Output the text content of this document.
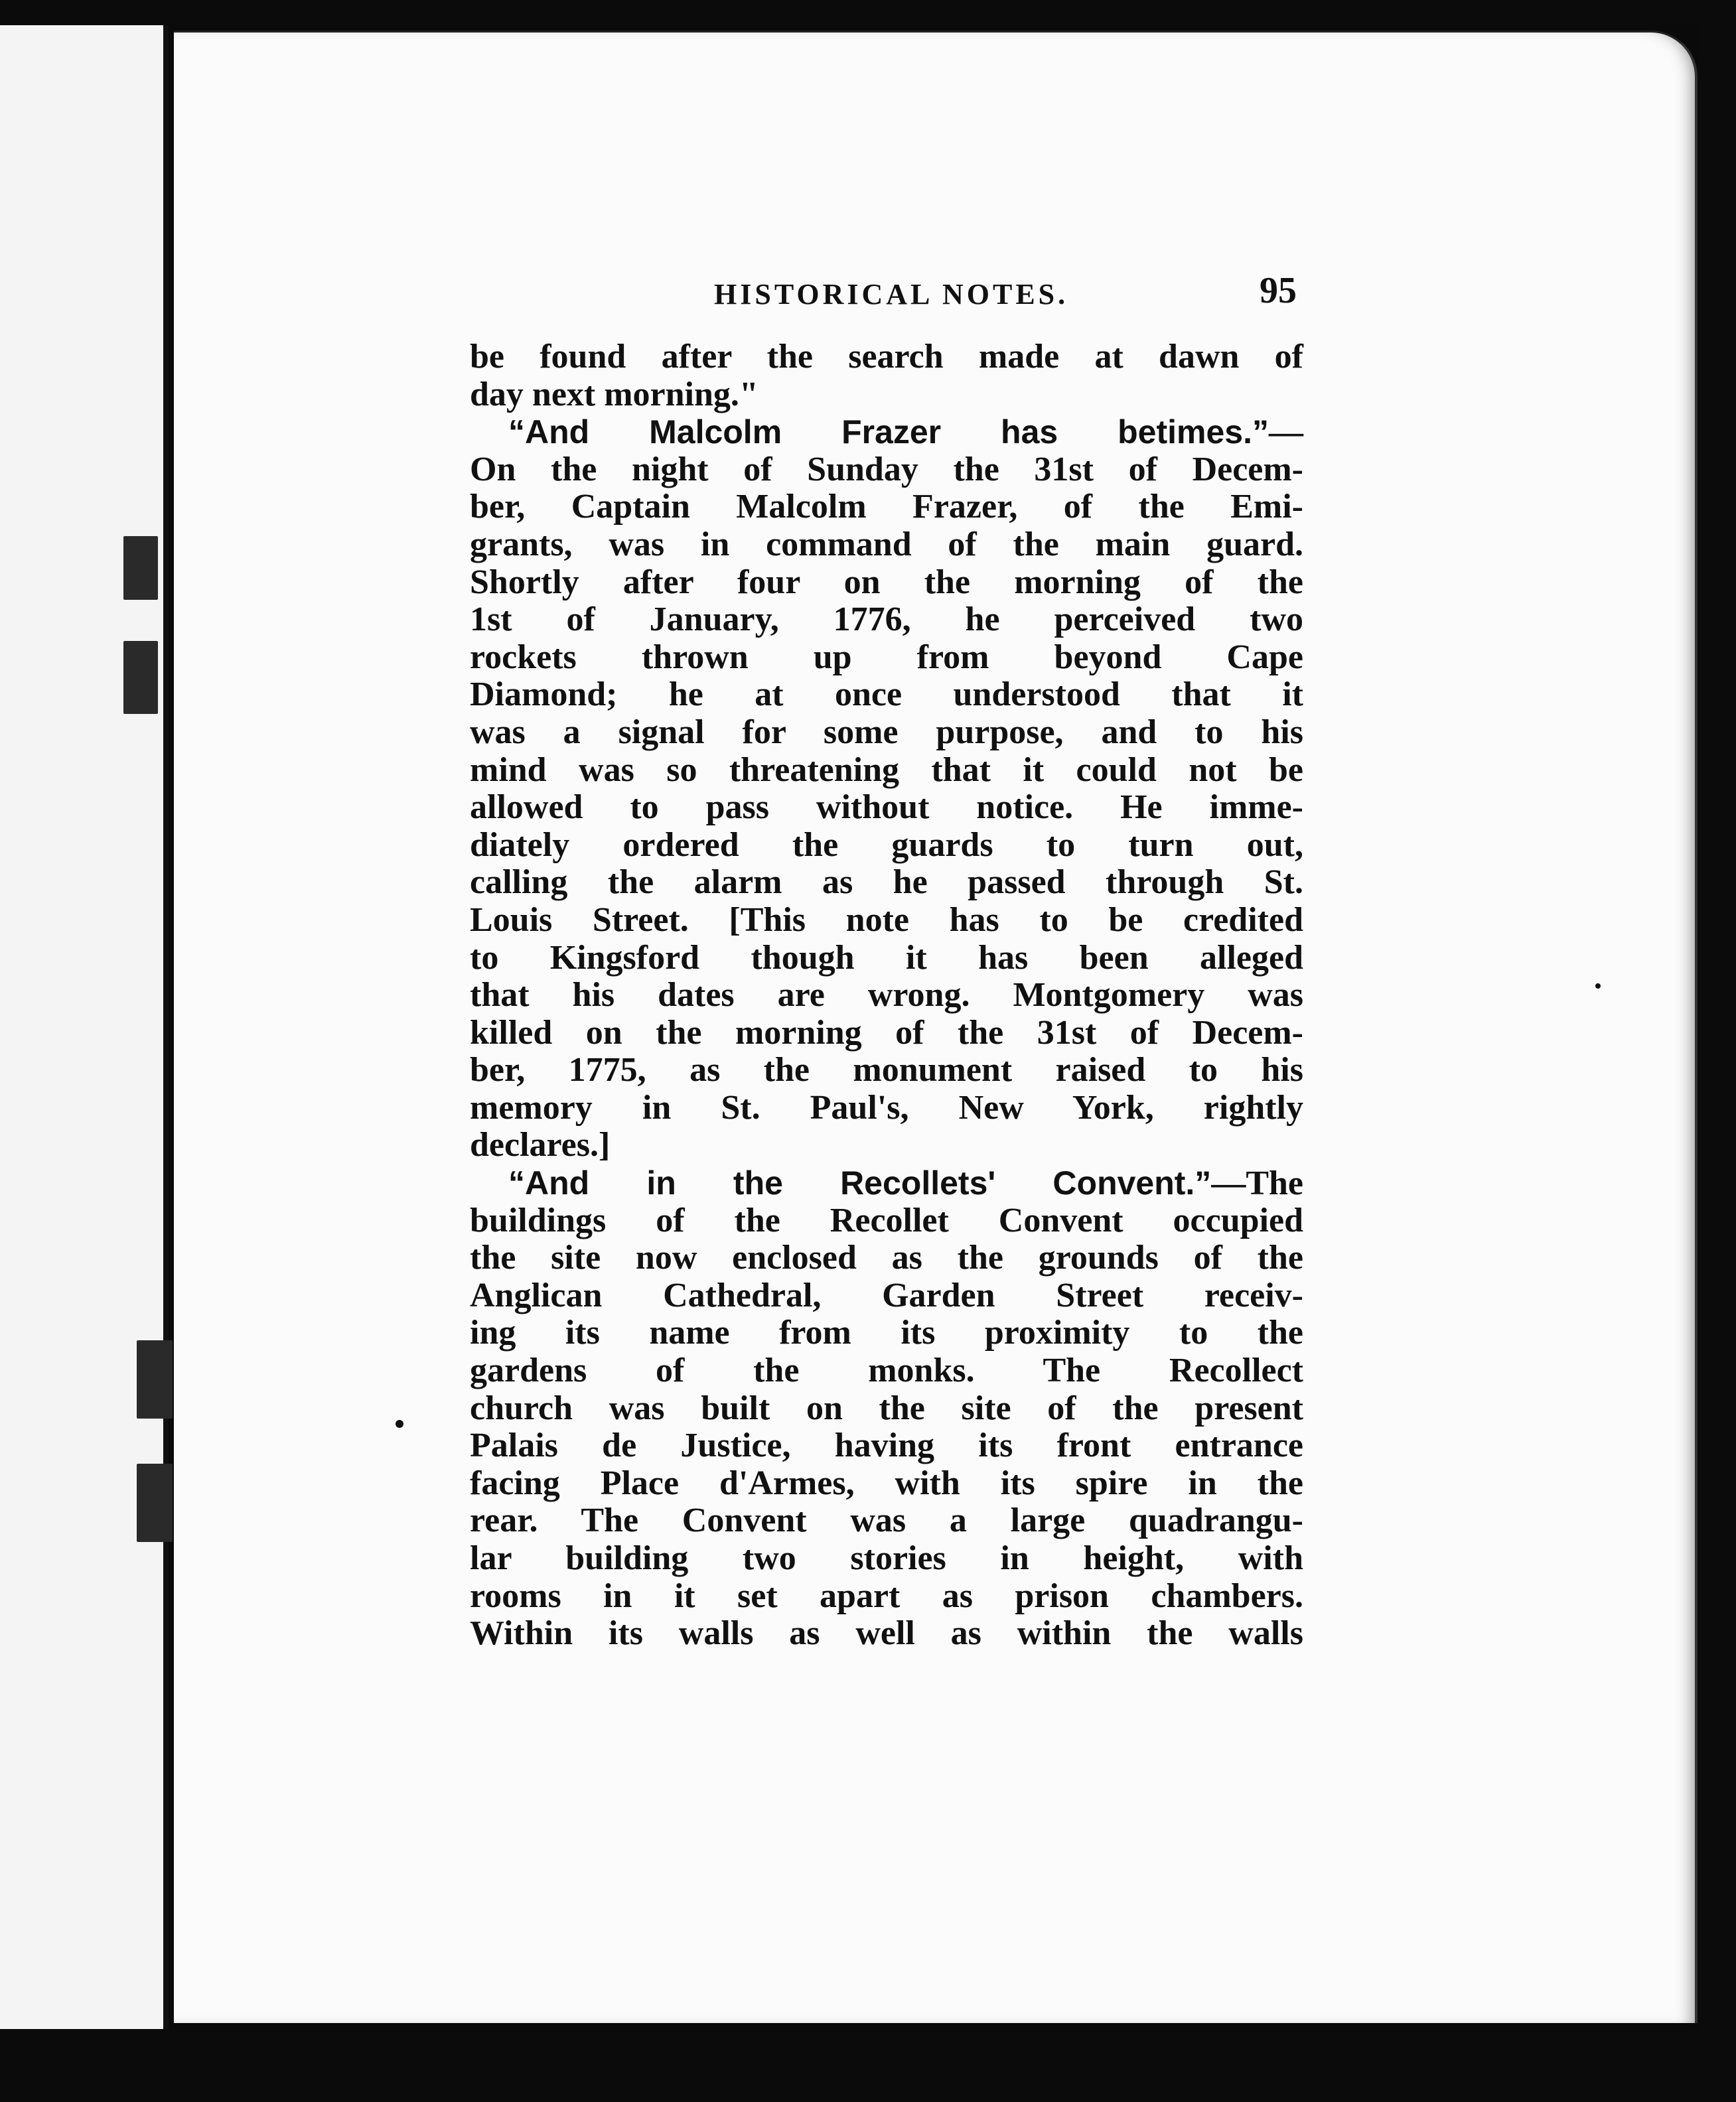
HISTORICAL NOTES.	95
be found after the search made at dawn of
day next morning."
“And Malcolm Frazer has betimes.”—
On the night of Sunday the 31st of Decem-
ber, Captain Malcolm Frazer, of the Emi-
grants, was in command of the main guard.
Shortly after four on the morning of the
1st of January, 1776, he perceived two
rockets thrown up from beyond Cape
Diamond; he at once understood that it
was a signal for some purpose, and to his
mind was so threatening that it could not be
allowed to pass without notice. He imme-
diately ordered the guards to turn out,
calling the alarm as he passed through St.
Louis Street. [This note has to be credited
to Kingsford though it has been alleged
that his dates are wrong. Montgomery was
killed on the morning of the 31st of Decem-
ber, 1775, as the monument raised to his
memory in St. Paul's, New York, rightly
declares.]
“And in the Recollets' Convent.”—The
buildings of the Recollet Convent occupied
the site now enclosed as the grounds of the
Anglican Cathedral, Garden Street receiv-
ing its name from its proximity to the
gardens of the monks. The Recollect
church was built on the site of the present
Palais de Justice, having its front entrance
facing Place d'Armes, with its spire in the
rear. The Convent was a large quadrangu-
lar building two stories in height, with
rooms in it set apart as prison chambers.
Within its walls as well as within the walls
